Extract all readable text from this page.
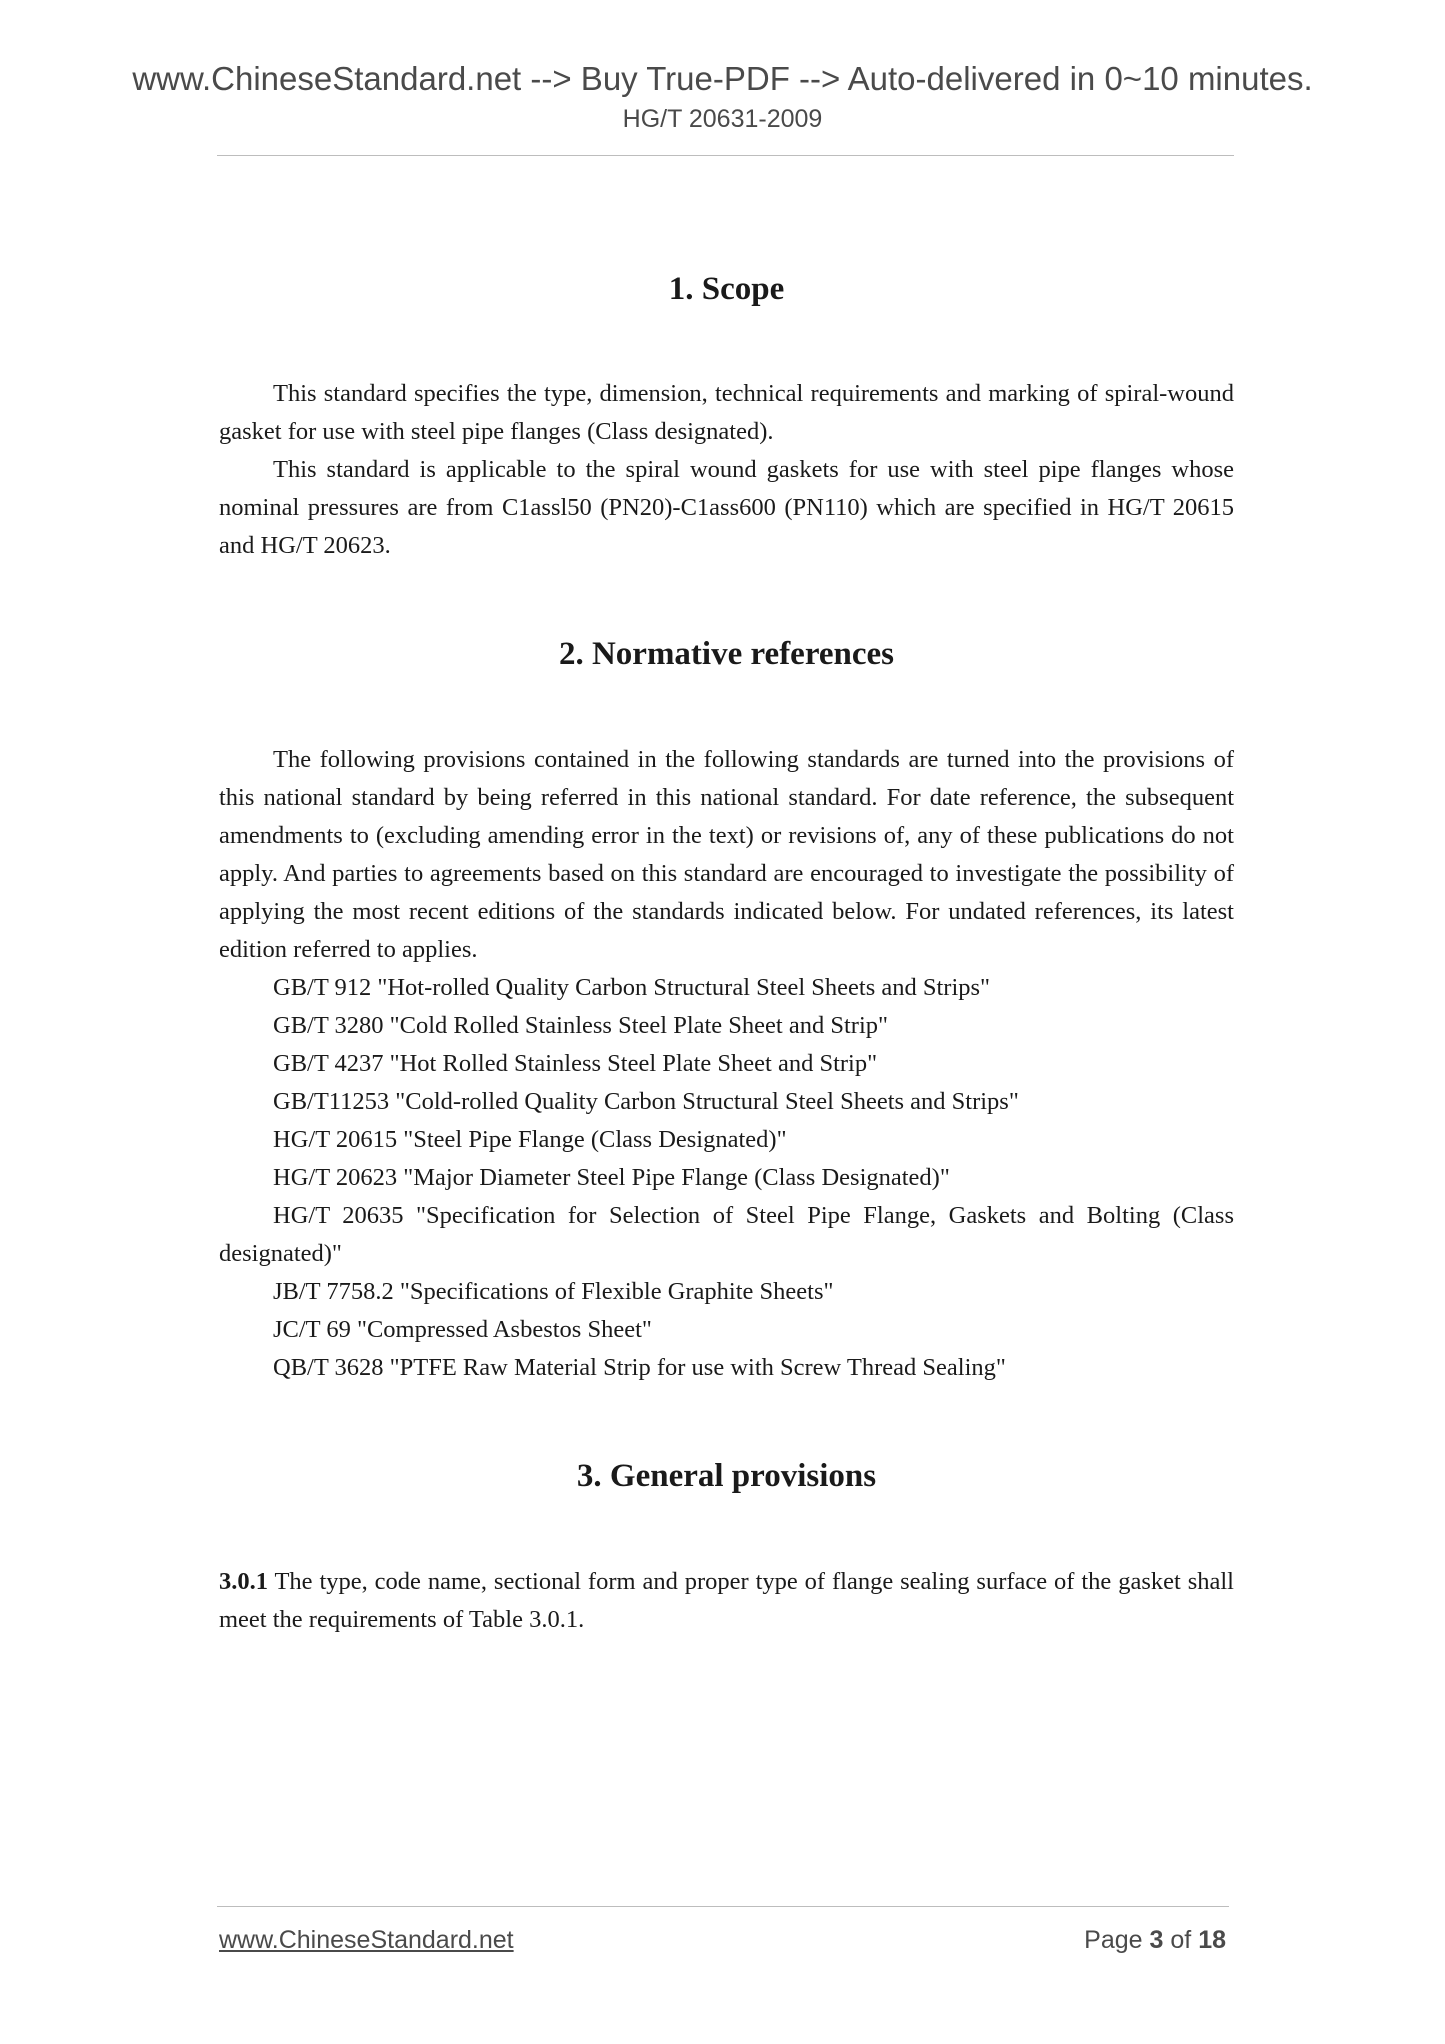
www.ChineseStandard.net --> Buy True-PDF --> Auto-delivered in 0~10 minutes.
HG/T 20631-2009
1. Scope

This standard specifies the type, dimension, technical requirements and marking of spiral-wound gasket for use with steel pipe flanges (Class designated).

This standard is applicable to the spiral wound gaskets for use with steel pipe flanges whose nominal pressures are from C1assl50 (PN20)-C1ass600 (PN110) which are specified in HG/T 20615 and HG/T 20623.

2. Normative references

The following provisions contained in the following standards are turned into the provisions of this national standard by being referred in this national standard. For date reference, the subsequent amendments to (excluding amending error in the text) or revisions of, any of these publications do not apply. And parties to agreements based on this standard are encouraged to investigate the possibility of applying the most recent editions of the standards indicated below. For undated references, its latest edition referred to applies.

GB/T 912 "Hot-rolled Quality Carbon Structural Steel Sheets and Strips"
GB/T 3280 "Cold Rolled Stainless Steel Plate Sheet and Strip"
GB/T 4237 "Hot Rolled Stainless Steel Plate Sheet and Strip"
GB/T11253 "Cold-rolled Quality Carbon Structural Steel Sheets and Strips"
HG/T 20615 "Steel Pipe Flange (Class Designated)"
HG/T 20623 "Major Diameter Steel Pipe Flange (Class Designated)"
HG/T 20635 "Specification for Selection of Steel Pipe Flange, Gaskets and Bolting (Class designated)"
JB/T 7758.2 "Specifications of Flexible Graphite Sheets"
JC/T 69 "Compressed Asbestos Sheet"
QB/T 3628 "PTFE Raw Material Strip for use with Screw Thread Sealing"
3. General provisions

3.0.1 The type, code name, sectional form and proper type of flange sealing surface of the gasket shall meet the requirements of Table 3.0.1.

www.ChineseStandard.net	Page 3 of 18
